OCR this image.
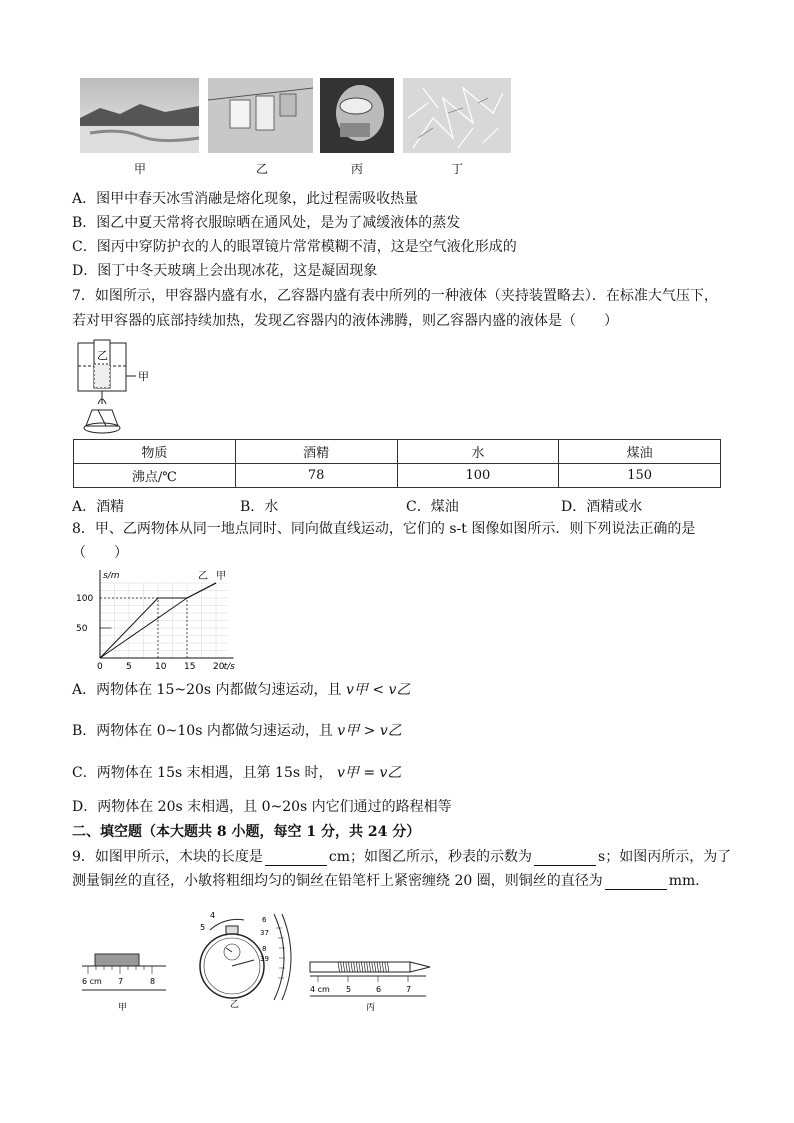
甲	乙	丙	丁
A．图甲中春天冰雪消融是熔化现象，此过程需吸收热量
B．图乙中夏天常将衣服晾晒在通风处，是为了减缓液体的蒸发
C．图丙中穿防护衣的人的眼罩镜片常常模糊不清，这是空气液化形成的
D．图丁中冬天玻璃上会出现冰花，这是凝固现象
7．如图所示，甲容器内盛有水，乙容器内盛有表中所列的一种液体（夹持装置略去）．在标准大气压下，
若对甲容器的底部持续加热，发现乙容器内的液体沸腾，则乙容器内盛的液体是（　　）
乙
甲
物质	酒精	水	煤油
沸点/℃	78	100	150
A．酒精	B．水	C．煤油	D．酒精或水
8．甲、乙两物体从同一地点同时、同向做直线运动，它们的 s-t 图像如图所示．则下列说法正确的是
（　　）
s/m
t/s
0	5	10 15 20
50
100
乙 甲
A．两物体在 15~20s 内都做匀速运动，且 v甲 < v乙
B．两物体在 0~10s 内都做匀速运动，且 v甲 > v乙
C．两物体在 15s 末相遇，且第 15s 时， v甲 = v乙
D．两物体在 20s 末相遇，且 0~20s 内它们通过的路程相等
二、填空题（本大题共 8 小题，每空 1 分，共 24 分）
9．如图甲所示，木块的长度是	cm；如图乙所示，秒表的示数为	s；如图丙所示，为了
测量铜丝的直径，小敏将粗细均匀的铜丝在铅笔杆上紧密缠绕 20 圈，则铜丝的直径为	mm．
6 cm 7	8
甲
4
5
6
37
8
39
乙
4 cm 5	6	7
丙
